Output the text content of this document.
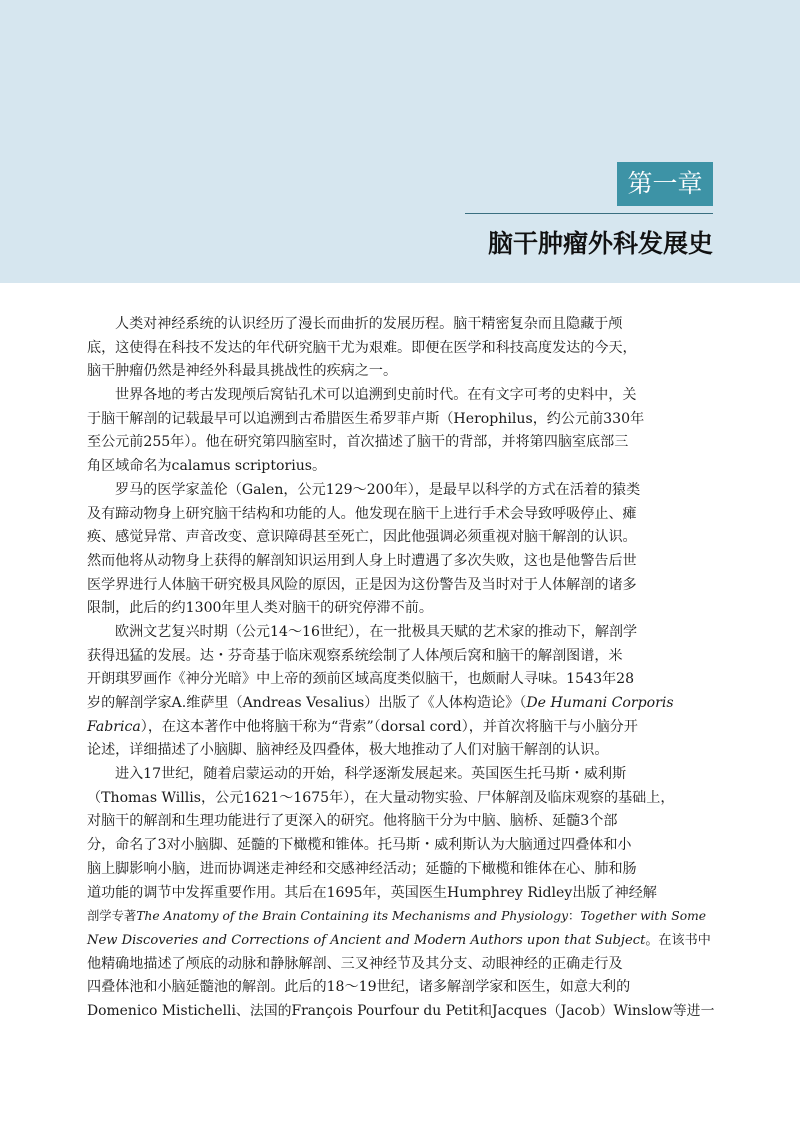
第一章
脑干肿瘤外科发展史
人类对神经系统的认识经历了漫长而曲折的发展历程。脑干精密复杂而且隐藏于颅
底，这使得在科技不发达的年代研究脑干尤为艰难。即便在医学和科技高度发达的今天，
脑干肿瘤仍然是神经外科最具挑战性的疾病之一。
世界各地的考古发现颅后窝钻孔术可以追溯到史前时代。在有文字可考的史料中，关
于脑干解剖的记载最早可以追溯到古希腊医生希罗菲卢斯（Herophilus，约公元前330年
至公元前255年）。他在研究第四脑室时，首次描述了脑干的背部，并将第四脑室底部三
角区域命名为calamus scriptorius。
罗马的医学家盖伦（Galen，公元129～200年），是最早以科学的方式在活着的猿类
及有蹄动物身上研究脑干结构和功能的人。他发现在脑干上进行手术会导致呼吸停止、瘫
痪、感觉异常、声音改变、意识障碍甚至死亡，因此他强调必须重视对脑干解剖的认识。
然而他将从动物身上获得的解剖知识运用到人身上时遭遇了多次失败，这也是他警告后世
医学界进行人体脑干研究极具风险的原因，正是因为这份警告及当时对于人体解剖的诸多
限制，此后的约1300年里人类对脑干的研究停滞不前。
欧洲文艺复兴时期（公元14～16世纪），在一批极具天赋的艺术家的推动下，解剖学
获得迅猛的发展。达・芬奇基于临床观察系统绘制了人体颅后窝和脑干的解剖图谱，米
开朗琪罗画作《神分光暗》中上帝的颈前区域高度类似脑干，也颇耐人寻味。1543年28
岁的解剖学家A.维萨里（Andreas Vesalius）出版了《人体构造论》（ De Humani Corporis
Fabrica ），在这本著作中他将脑干称为“背索”（dorsal cord），并首次将脑干与小脑分开
论述，详细描述了小脑脚、脑神经及四叠体，极大地推动了人们对脑干解剖的认识。
进入17世纪，随着启蒙运动的开始，科学逐渐发展起来。英国医生托马斯・威利斯
（Thomas Willis，公元1621～1675年），在大量动物实验、尸体解剖及临床观察的基础上，
对脑干的解剖和生理功能进行了更深入的研究。他将脑干分为中脑、脑桥、延髓3个部
分，命名了3对小脑脚、延髓的下橄榄和锥体。托马斯・威利斯认为大脑通过四叠体和小
脑上脚影响小脑，进而协调迷走神经和交感神经活动；延髓的下橄榄和锥体在心、肺和肠
道功能的调节中发挥重要作用。其后在1695年，英国医生Humphrey Ridley出版了神经解
剖学专著 The Anatomy of the Brain Containing its Mechanisms and Physiology ： Together with Some
New Discoveries and Corrections of Ancient and Modern Authors upon that Subject 。在该书中
他精确地描述了颅底的动脉和静脉解剖、三叉神经节及其分支、动眼神经的正确走行及
四叠体池和小脑延髓池的解剖。此后的18～19世纪，诸多解剖学家和医生，如意大利的
Domenico Mistichelli、法国的François Pourfour du Petit和Jacques（Jacob）Winslow等进一
